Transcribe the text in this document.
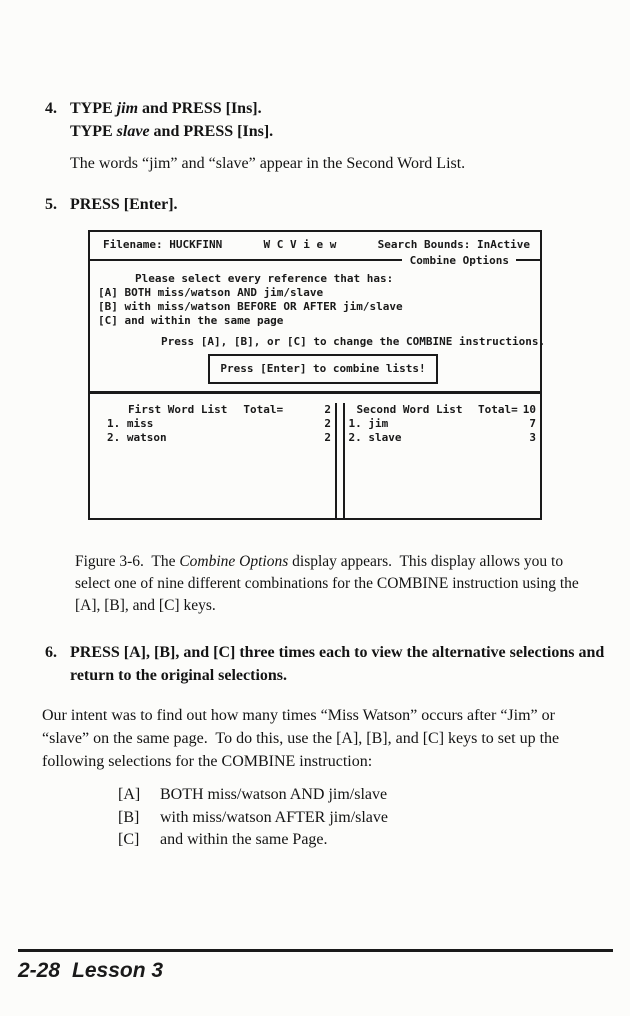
4. TYPE jim and PRESS [Ins].
TYPE slave and PRESS [Ins].
The words “jim” and “slave” appear in the Second Word List.
5. PRESS [Enter].
Filename: HUCKFINN	W C V i e w	Search Bounds: InActive
Combine Options
Please select every reference that has:
[A] BOTH miss/watson AND jim/slave
[B] with miss/watson BEFORE OR AFTER jim/slave
[C] and within the same page
Press [A], [B], or [C] to change the COMBINE instructions.
Press [Enter] to combine lists!
First Word List Total=	2
1. miss	2
2. watson	2
Second Word List Total= 10
1. jim	7
2. slave	3
Figure 3-6.  The Combine Options display appears.  This display allows you to select one of nine different combinations for the COMBINE instruction using the [A], [B], and [C] keys.
6. PRESS [A], [B], and [C] three times each to view the alternative selections and return to the original selections.

Our intent was to find out how many times “Miss Watson” occurs after “Jim” or “slave” on the same page.  To do this, use the [A], [B], and [C] keys to set up the following selections for the COMBINE instruction:

[A]	BOTH miss/watson AND jim/slave
[B]	with miss/watson AFTER jim/slave
[C]	and within the same Page.
2-28 Lesson 3
